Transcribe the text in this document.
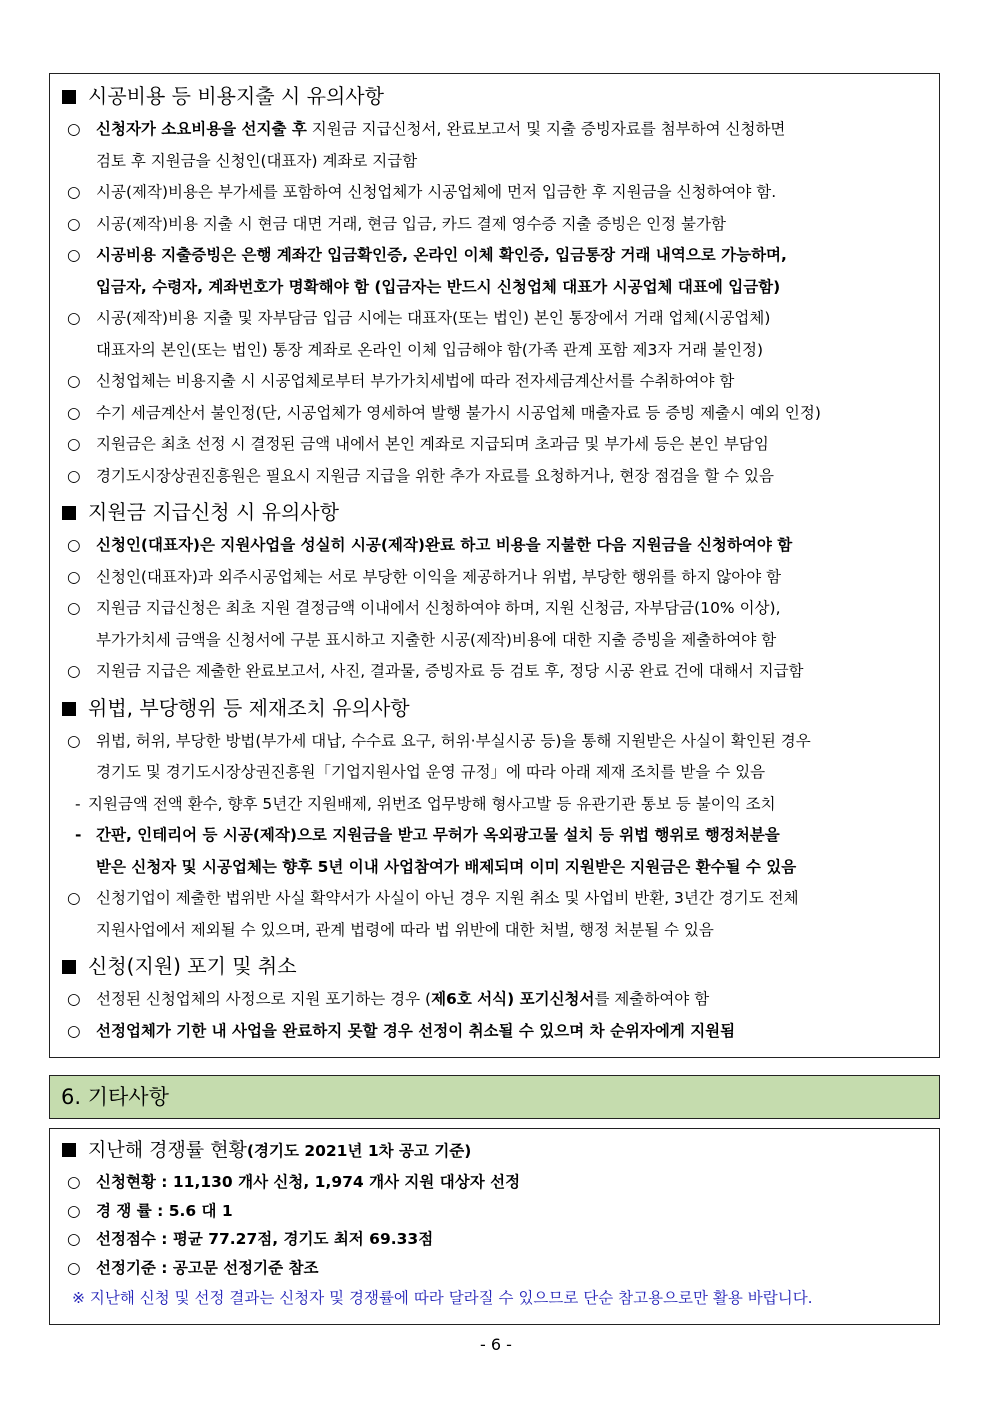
시공비용 등 비용지출 시 유의사항
○ 신청자가 소요비용을 선지출 후 지원금 지급신청서, 완료보고서 및 지출 증빙자료를 첨부하여 신청하면
검토 후 지원금을 신청인(대표자) 계좌로 지급함
○ 시공(제작)비용은 부가세를 포함하여 신청업체가 시공업체에 먼저 입금한 후 지원금을 신청하여야 함.
○ 시공(제작)비용 지출 시 현금 대면 거래, 현금 입금, 카드 결제 영수증 지출 증빙은 인정 불가함
○ 시공비용 지출증빙은 은행 계좌간 입금확인증, 온라인 이체 확인증, 입금통장 거래 내역으로 가능하며,
입금자, 수령자, 계좌번호가 명확해야 함 (입금자는 반드시 신청업체 대표가 시공업체 대표에 입금함)
○ 시공(제작)비용 지출 및 자부담금 입금 시에는 대표자(또는 법인) 본인 통장에서 거래 업체(시공업체)
대표자의 본인(또는 법인) 통장 계좌로 온라인 이체 입금해야 함(가족 관계 포함 제3자 거래 불인정)
○ 신청업체는 비용지출 시 시공업체로부터 부가가치세법에 따라 전자세금계산서를 수취하여야 함
○ 수기 세금계산서 불인정(단, 시공업체가 영세하여 발행 불가시 시공업체 매출자료 등 증빙 제출시 예외 인정)
○ 지원금은 최초 선정 시 결정된 금액 내에서 본인 계좌로 지급되며 초과금 및 부가세 등은 본인 부담임
○ 경기도시장상권진흥원은 필요시 지원금 지급을 위한 추가 자료를 요청하거나, 현장 점검을 할 수 있음
지원금 지급신청 시 유의사항
○ 신청인(대표자)은 지원사업을 성실히 시공(제작)완료 하고 비용을 지불한 다음 지원금을 신청하여야 함
○ 신청인(대표자)과 외주시공업체는 서로 부당한 이익을 제공하거나 위법, 부당한 행위를 하지 않아야 함
○ 지원금 지급신청은 최초 지원 결정금액 이내에서 신청하여야 하며, 지원 신청금, 자부담금(10% 이상),
부가가치세 금액을 신청서에 구분 표시하고 지출한 시공(제작)비용에 대한 지출 증빙을 제출하여야 함
○ 지원금 지급은 제출한 완료보고서, 사진, 결과물, 증빙자료 등 검토 후, 정당 시공 완료 건에 대해서 지급함
위법, 부당행위 등 제재조치 유의사항
○ 위법, 허위, 부당한 방법(부가세 대납, 수수료 요구, 허위·부실시공 등)을 통해 지원받은 사실이 확인된 경우
경기도 및 경기도시장상권진흥원「기업지원사업 운영 규정」에 따라 아래 제재 조치를 받을 수 있음
- 지원금액 전액 환수, 향후 5년간 지원배제, 위번조 업무방해 형사고발 등 유관기관 통보 등 불이익 조치
- 간판, 인테리어 등 시공(제작)으로 지원금을 받고 무허가 옥외광고물 설치 등 위법 행위로 행정처분을
받은 신청자 및 시공업체는 향후 5년 이내 사업참여가 배제되며 이미 지원받은 지원금은 환수될 수 있음
○ 신청기업이 제출한 법위반 사실 확약서가 사실이 아닌 경우 지원 취소 및 사업비 반환, 3년간 경기도 전체
지원사업에서 제외될 수 있으며, 관계 법령에 따라 법 위반에 대한 처벌, 행정 처분될 수 있음
신청(지원) 포기 및 취소
○ 선정된 신청업체의 사정으로 지원 포기하는 경우 (제6호 서식) 포기신청서를 제출하여야 함
○ 선정업체가 기한 내 사업을 완료하지 못할 경우 선정이 취소될 수 있으며 차 순위자에게 지원됨
6. 기타사항
지난해 경쟁률 현황(경기도 2021년 1차 공고 기준)
○ 신청현황 : 11,130 개사 신청, 1,974 개사 지원 대상자 선정
○ 경 쟁 률 : 5.6 대 1
○ 선정점수 : 평균 77.27점, 경기도 최저 69.33점
○ 선정기준 : 공고문 선정기준 참조
※ 지난해 신청 및 선정 결과는 신청자 및 경쟁률에 따라 달라질 수 있으므로 단순 참고용으로만 활용 바랍니다.
- 6 -
